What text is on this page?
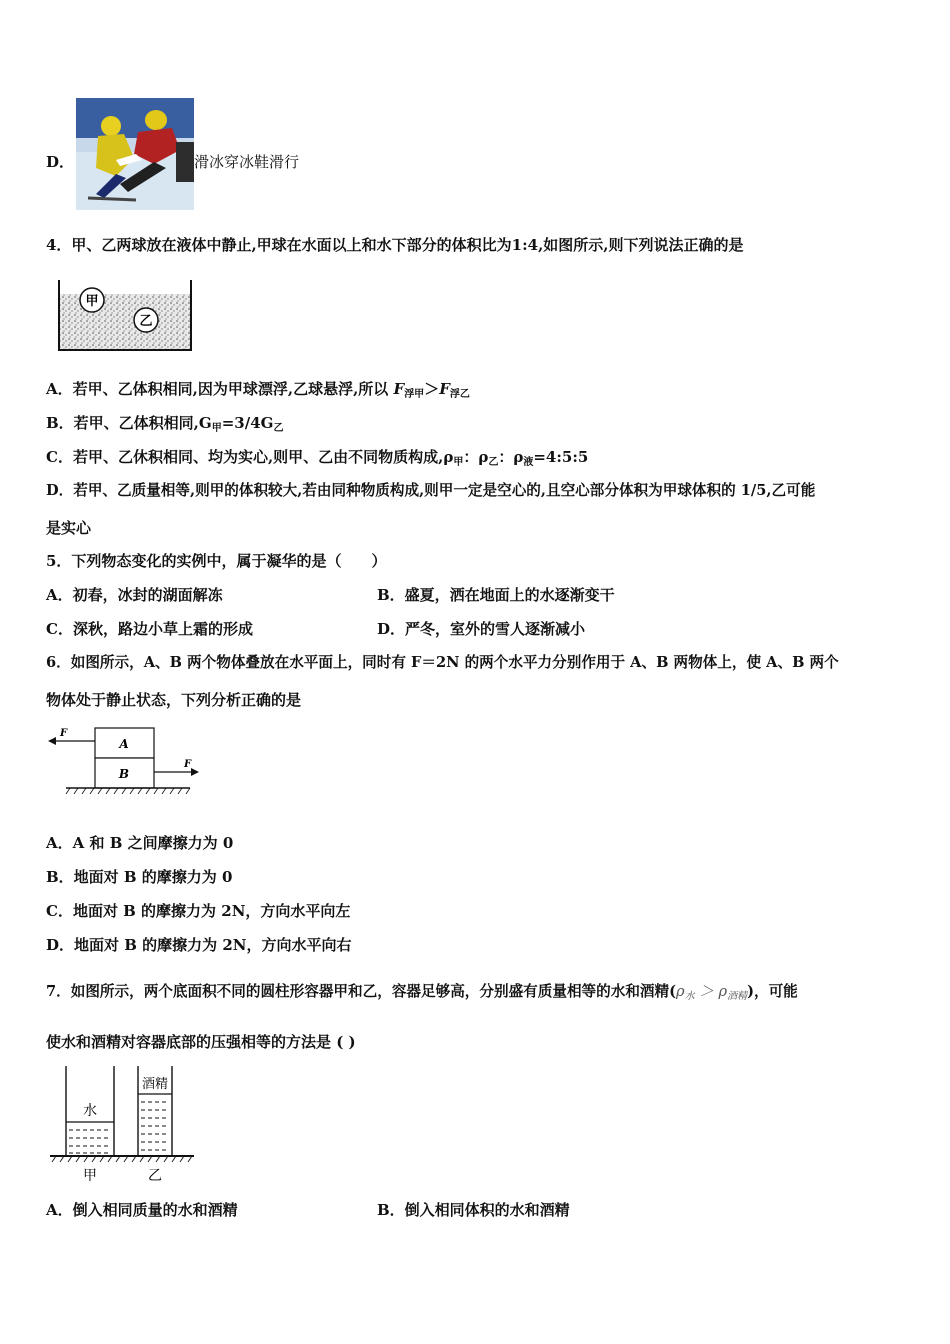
D．	滑冰穿冰鞋滑行
4．甲、乙两球放在液体中静止,甲球在水面以上和水下部分的体积比为1:4,如图所示,则下列说法正确的是
甲
乙
A．若甲、乙体积相同,因为甲球漂浮,乙球悬浮,所以 $F_{浮甲}>F_{浮乙}$
B．若甲、乙体积相同$,G_甲=3/4G_乙$
C．若甲、乙休积相同、均为实心,则甲、乙由不同物质构成$,\rho_甲$：$\rho_乙$：$\rho_液=4:5:5$
D．若甲、乙质量相等,则甲的体积较大,若由同种物质构成,则甲一定是空心的,且空心部分体积为甲球体积的 1/5,乙可能
是实心
5．下列物态变化的实例中，属于凝华的是（　　）
A．初春，冰封的湖面解冻	B．盛夏，洒在地面上的水逐渐变干
C．深秋，路边小草上霜的形成	D．严冬，室外的雪人逐渐减小
6．如图所示，A、B 两个物体叠放在水平面上，同时有 F＝2N 的两个水平力分别作用于 A、B 两物体上，使 A、B 两个
物体处于静止状态，下列分析正确的是
A
B
F
F
A．A 和 B 之间摩擦力为 0
B．地面对 B 的摩擦力为 0
C．地面对 B 的摩擦力为 2N，方向水平向左
D．地面对 B 的摩擦力为 2N，方向水平向右
7．如图所示，两个底面积不同的圆柱形容器甲和乙，容器足够高，分别盛有质量相等的水和酒精$(\rho_水 > \rho_{酒精})$，可能
使水和酒精对容器底部的压强相等的方法是 ( )
水
酒精
甲	乙
A．倒入相同质量的水和酒精	B．倒入相同体积的水和酒精
